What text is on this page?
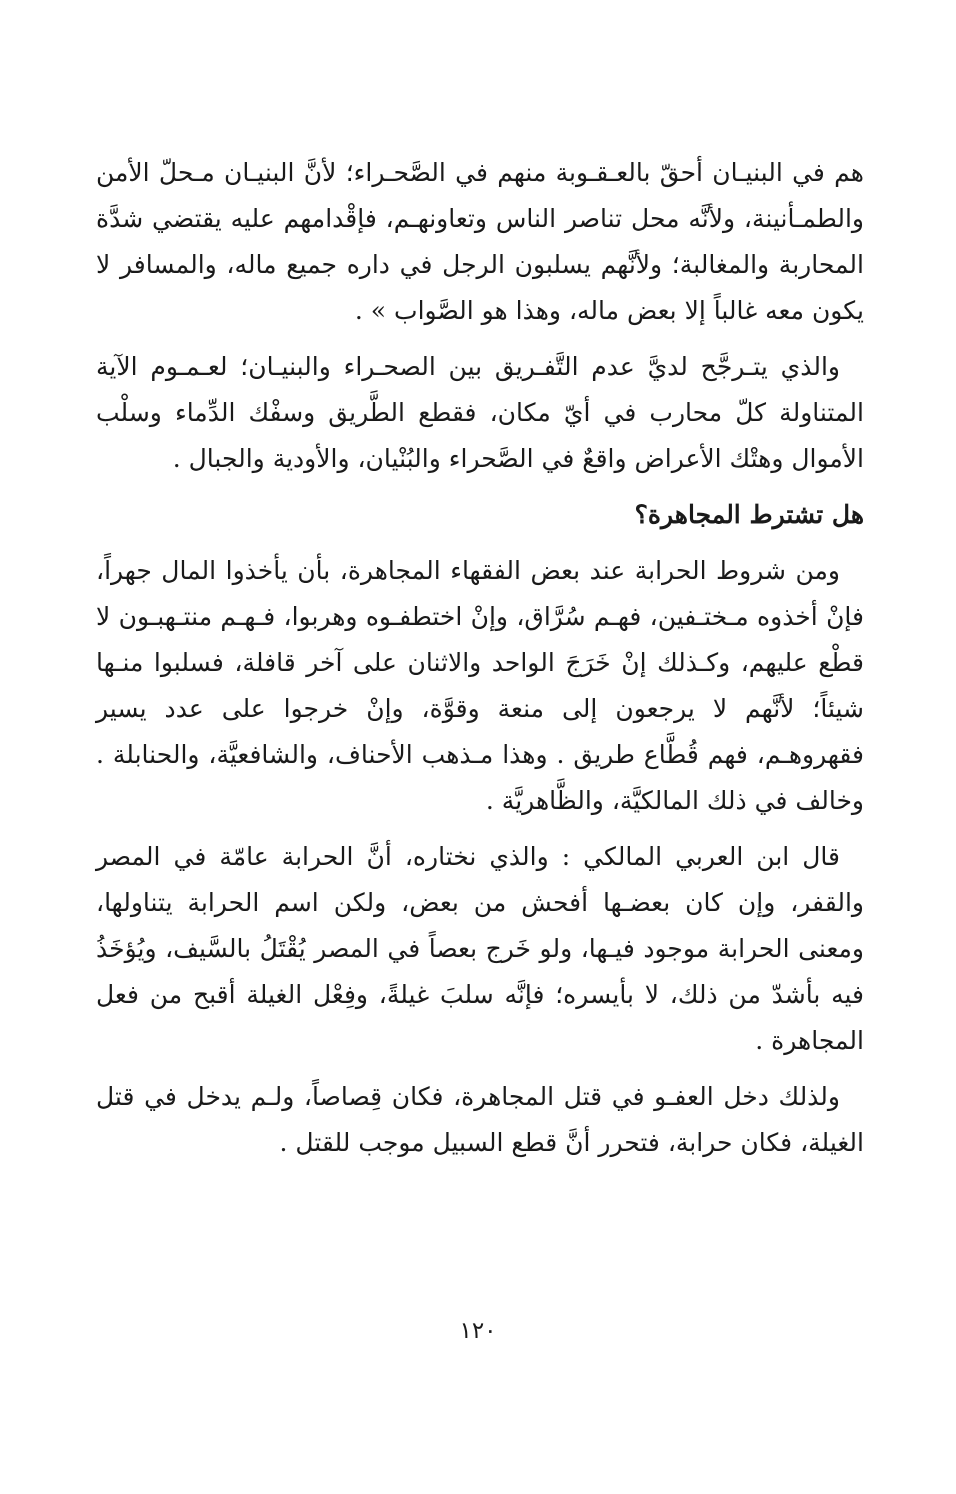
هم في البنيـان أحقّ بالعـقـوبة منهم في الصَّحـراء؛ لأنَّ البنيـان مـحلّ الأمن والطمـأنينة، ولأنَّه محل تناصر الناس وتعاونهـم، فإقْدامهم عليه يقتضي شدَّة المحاربة والمغالبة؛ ولأنَّهم يسلبون الرجل في داره جميع ماله، والمسافر لا يكون معه غالباً إلا بعض ماله، وهذا هو الصَّواب » .

والذي يتـرجَّح لديَّ عدم التَّفـريق بين الصحـراء والبنيـان؛ لعـمـوم الآية المتناولة كلّ محارب في أيّ مكان، فقطع الطَّريق وسفْك الدِّماء وسلْب الأموال وهتْك الأعراض واقعٌ في الصَّحراء والبُنْيان، والأودية والجبال .

هل تشترط المجاهرة؟

ومن شروط الحرابة عند بعض الفقهاء المجاهرة، بأن يأخذوا المال جهراً، فإنْ أخذوه مـختـفين، فهـم سُرَّاق، وإنْ اختطفـوه وهربوا، فـهـم منتـهبـون لا قطْع عليهم، وكـذلك إنْ خَرَجَ الواحد والاثنان على آخر قافلة، فسلبوا منـها شيئاً؛ لأنَّهم لا يرجعون إلى منعة وقوَّة، وإنْ خرجوا على عدد يسير فقهروهـم، فهم قُطَّاع طريق . وهذا مـذهب الأحناف، والشافعيَّة، والحنابلة . وخالف في ذلك المالكيَّة، والظَّاهريَّة .

قال ابن العربي المالكي : والذي نختاره، أنَّ الحرابة عامّة في المصر والقفر، وإن كان بعضـها أفحش من بعض، ولكن اسم الحرابة يتناولها، ومعنى الحرابة موجود فيـها، ولو خَرج بعصاً في المصر يُقْتَلُ بالسَّيف، ويُؤخَذُ فيه بأشدّ من ذلك، لا بأيسره؛ فإنَّه سلبَ غيلةً، وفِعْل الغيلة أقبح من فعل المجاهرة .

ولذلك دخل العفـو في قتل المجاهرة، فكان قِصاصاً، ولـم يدخل في قتل الغيلة، فكان حرابة، فتحرر أنَّ قطع السبيل موجب للقتل .

١٢٠
